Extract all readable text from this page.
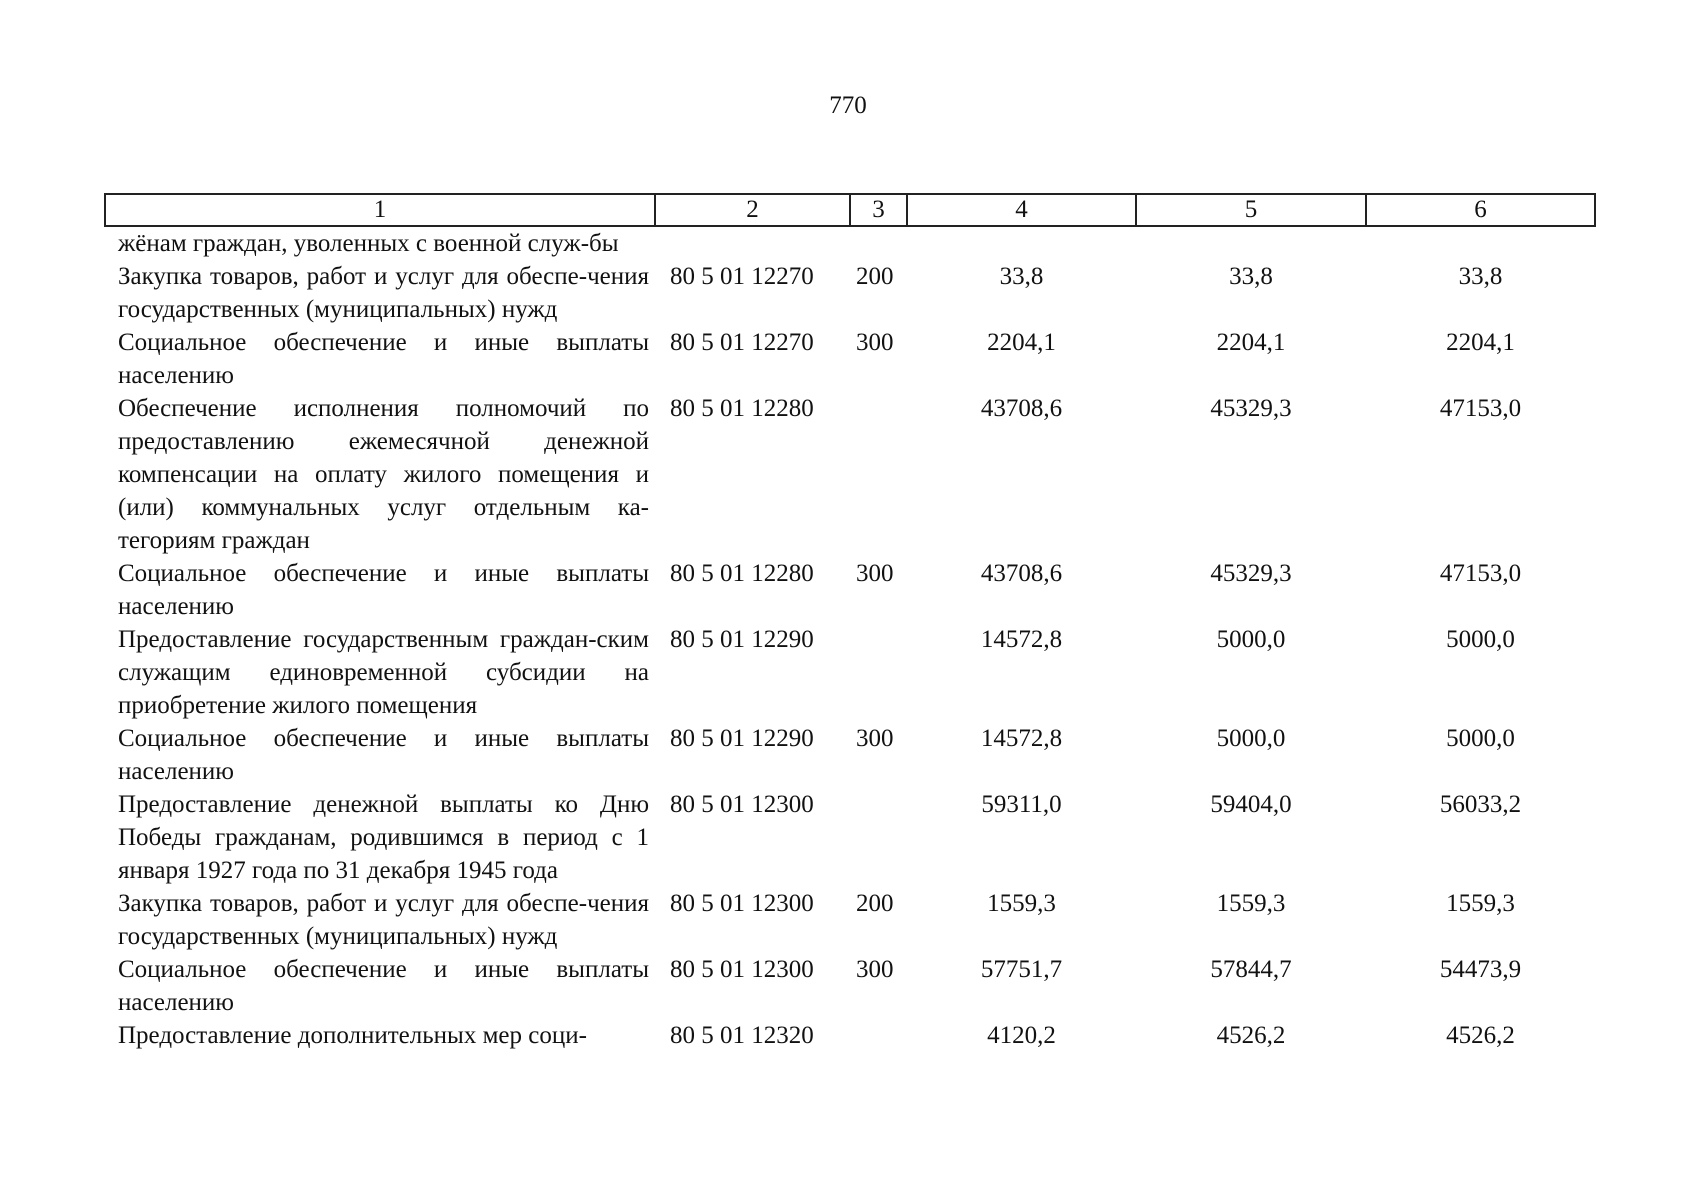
770
1	2	3	4	5	6
жёнам граждан, уволенных с военной служ-бы					
Закупка товаров, работ и услуг для обеспе-чения государственных (муниципальных) нужд	80 5 01 12270	200	33,8	33,8	33,8
Социальное обеспечение и иные выплаты населению	80 5 01 12270	300	2204,1	2204,1	2204,1
Обеспечение исполнения полномочий по предоставлению ежемесячной денежной компенсации на оплату жилого помещения и (или) коммунальных услуг отдельным ка-тегориям граждан	80 5 01 12280		43708,6	45329,3	47153,0
Социальное обеспечение и иные выплаты населению	80 5 01 12280	300	43708,6	45329,3	47153,0
Предоставление государственным граждан-ским служащим единовременной субсидии на приобретение жилого помещения	80 5 01 12290		14572,8	5000,0	5000,0
Социальное обеспечение и иные выплаты населению	80 5 01 12290	300	14572,8	5000,0	5000,0
Предоставление денежной выплаты ко Дню Победы гражданам, родившимся в период с 1 января 1927 года по 31 декабря 1945 года	80 5 01 12300		59311,0	59404,0	56033,2
Закупка товаров, работ и услуг для обеспе-чения государственных (муниципальных) нужд	80 5 01 12300	200	1559,3	1559,3	1559,3
Социальное обеспечение и иные выплаты населению	80 5 01 12300	300	57751,7	57844,7	54473,9
Предоставление дополнительных мер соци-	80 5 01 12320		4120,2	4526,2	4526,2
